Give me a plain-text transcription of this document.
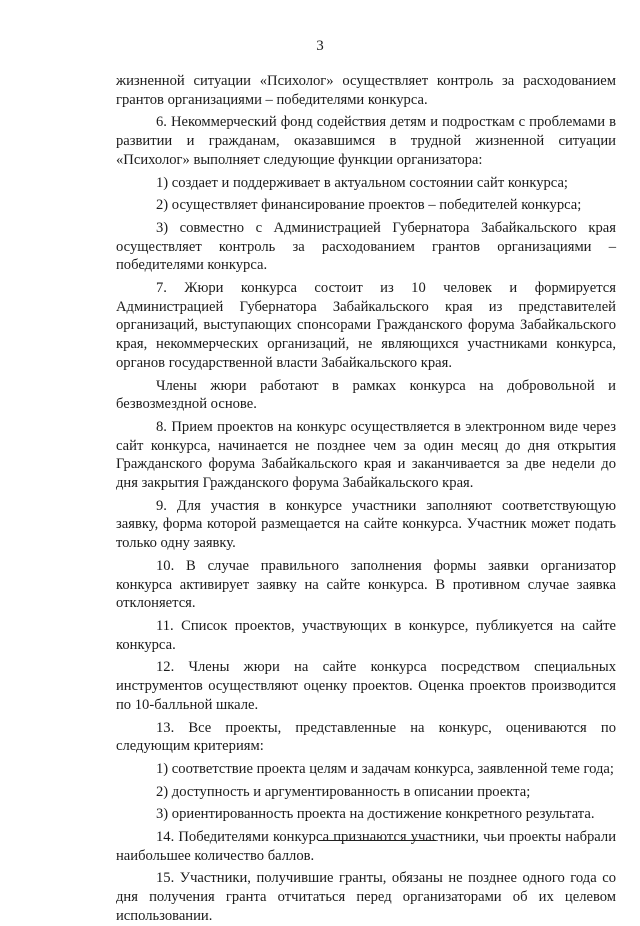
3

жизненной ситуации «Психолог» осуществляет контроль за расходованием грантов организациями – победителями конкурса.

6. Некоммерческий фонд содействия детям и подросткам с проблемами в развитии и гражданам, оказавшимся в трудной жизненной ситуации «Психолог» выполняет следующие функции организатора:

1) создает и поддерживает в актуальном состоянии сайт конкурса;

2) осуществляет финансирование проектов – победителей конкурса;

3) совместно с Администрацией Губернатора Забайкальского края осуществляет контроль за расходованием грантов организациями – победителями конкурса.

7. Жюри конкурса состоит из 10 человек и формируется Администрацией Губернатора Забайкальского края из представителей организаций, выступающих спонсорами Гражданского форума Забайкальского края, некоммерческих организаций, не являющихся участниками конкурса, органов государственной власти Забайкальского края.

Члены жюри работают в рамках конкурса на добровольной и безвозмездной основе.

8. Прием проектов на конкурс осуществляется в электронном виде через сайт конкурса, начинается не позднее чем за один месяц до дня открытия Гражданского форума Забайкальского края и заканчивается за две недели до дня закрытия Гражданского форума Забайкальского края.

9. Для участия в конкурсе участники заполняют соответствующую заявку, форма которой размещается на сайте конкурса. Участник может подать только одну заявку.

10. В случае правильного заполнения формы заявки организатор конкурса активирует заявку на сайте конкурса. В противном случае заявка отклоняется.

11. Список проектов, участвующих в конкурсе, публикуется на сайте конкурса.

12. Члены жюри на сайте конкурса посредством специальных инструментов осуществляют оценку проектов. Оценка проектов производится по 10-балльной шкале.

13. Все проекты, представленные на конкурс, оцениваются по следующим критериям:

1) соответствие проекта целям и задачам конкурса, заявленной теме года;

2) доступность и аргументированность в описании проекта;

3) ориентированность проекта на достижение конкретного результата.

14. Победителями конкурса признаются участники, чьи проекты набрали наибольшее количество баллов.

15. Участники, получившие гранты, обязаны не позднее одного года со дня получения гранта отчитаться перед организаторами об их целевом использовании.
